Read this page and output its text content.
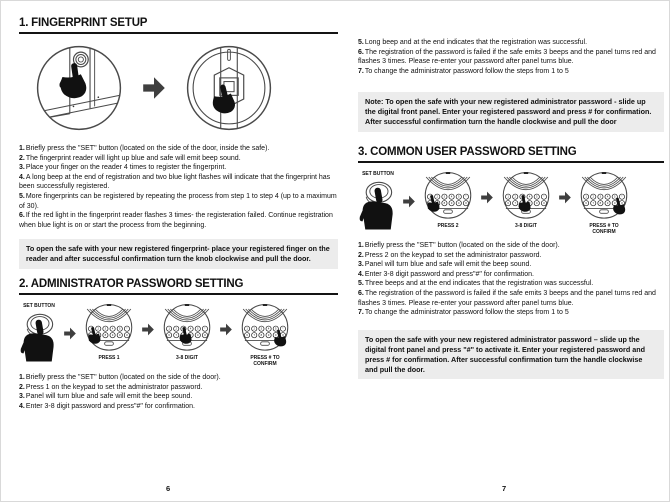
1. FINGERPRINT SETUP

1.Briefly press the "SET" button (located on the side of the door, inside the safe).

2.The fingerprint reader will light up blue and safe will emit beep sound.

3.Place your finger on the reader 4 times to register the fingerprint.

4.A long beep at the end of registration and two blue light flashes will indicate that the fingerprint has been successfully registered.

5.More fingerprints can be registered by repeating the process from step 1 to step 4 (up to a maximum of 30).

6.If the red light in the fingerprint reader flashes 3 times- the registeration failed. Continue registration when blue light is on or start the process from the beginning.

To open the safe with your new registered fingerprint- place your registered finger on the reader and after successful confirmation turn the knob clockwise and pull the door.
2. ADMINISTRATOR PASSWORD SETTING
SET BUTTON
1 2 3 4 5 *
8 9 0 #
PRESS 1
1 2	4 5 *
6 7	0 #
3-8 DIGIT
1 2 3 4 5 *
6 7 8 9 0 #
PRESS # TO CONFIRM

1.Briefly press the "SET" button (located on the side of the door).

2.Press 1 on the keypad to set the administrator password.

3.Panel will turn blue and safe will emit the beep sound.

4.Enter 3-8 digit password and press"#" for confirmation.

5.Long beep and at the end indicates that the registration was successful.

6.The registration of the password is failed if the safe emits 3 beeps and the panel turns red and flashes 3 times. Please re-enter your password after panel turns blue.

7.To change the administrator password follow the steps from 1 to 5

Note: To open the safe with your new registered administrator password - slide up the digital front panel. Enter your registered password and press # for confirmation. After successful confirmation turn the handle clockwise and pull the door
3. COMMON USER PASSWORD SETTING
SET BUTTON
1 2 3 4 5 *
8 9 0 #
PRESS 2
1 2	4 5 *
6 7	0 #
3-8 DIGIT
1 2 3 4 5 *
6 7 8 9 0 #
PRESS # TO CONFIRM

1.Briefly press the "SET" button (located on the side of the door).

2.Press 2 on the keypad to set the administrator password.

3.Panel will turn blue and safe will emit the beep sound.

4.Enter 3-8 digit password and press"#" for confirmation.

5.Three beeps and at the end indicates that the registration was successful.

6.The registration of the password is failed if the safe emits 3 beeps and the panel turns red and flashes 3 times. Please re-enter your password after panel turns blue.

7.To change the administrator password follow the steps from 1 to 5

To open the safe with your new registered administrator password – slide up the digital front panel and press "#" to activate it. Enter your registered password and press # for confirmation. After successful confirmation turn the handle clockwise and pull the door.
6	7
